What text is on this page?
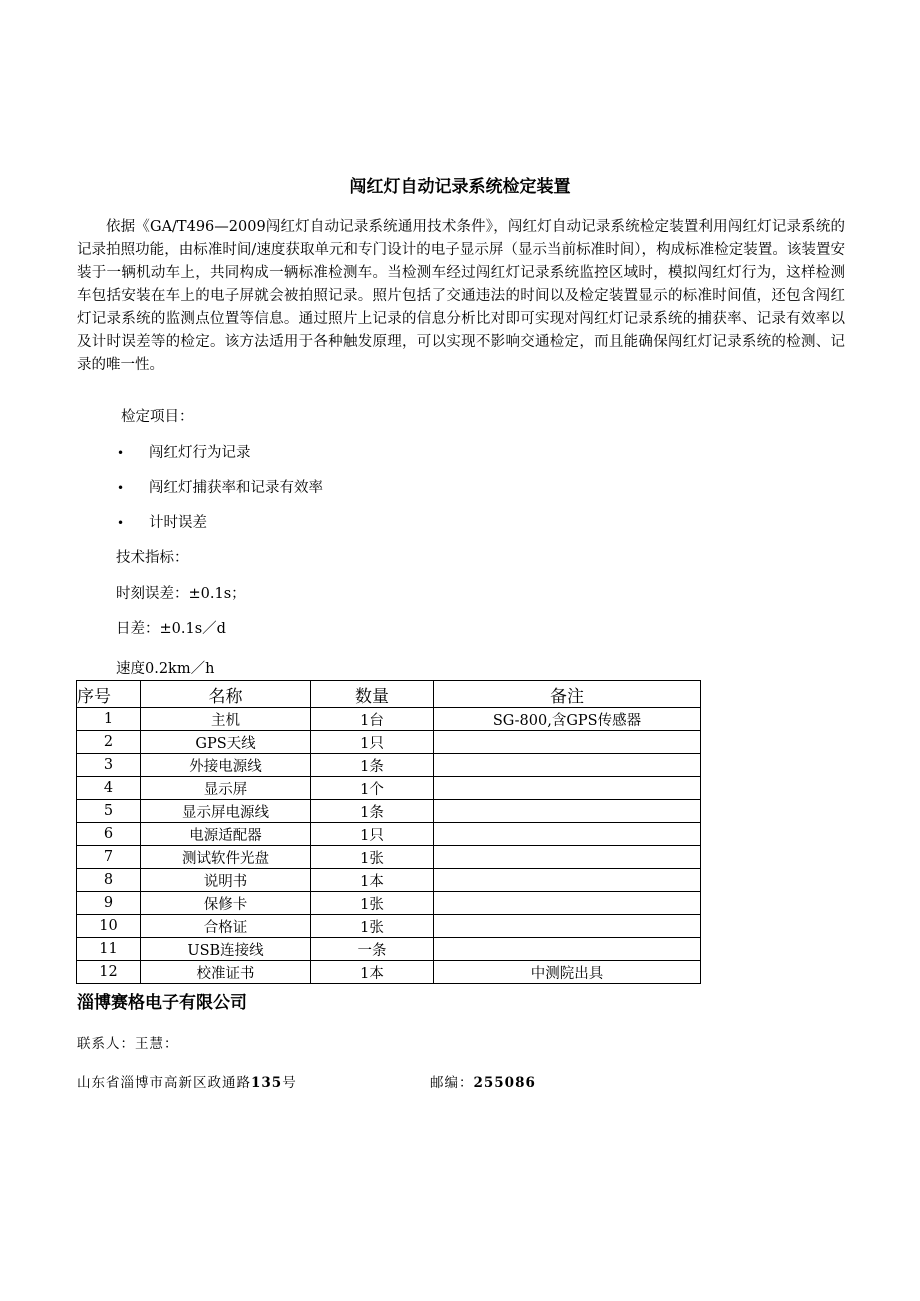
闯红灯自动记录系统检定装置
依据《GA/T496—2009闯红灯自动记录系统通用技术条件》，闯红灯自动记录系统检定装置利用闯红灯记录系统的记录拍照功能，由标准时间/速度获取单元和专门设计的电子显示屏（显示当前标准时间），构成标准检定装置。该装置安装于一辆机动车上，共同构成一辆标准检测车。当检测车经过闯红灯记录系统监控区域时，模拟闯红灯行为，这样检测车包括安装在车上的电子屏就会被拍照记录。照片包括了交通违法的时间以及检定装置显示的标准时间值，还包含闯红灯记录系统的监测点位置等信息。通过照片上记录的信息分析比对即可实现对闯红灯记录系统的捕获率、记录有效率以及计时误差等的检定。该方法适用于各种触发原理，可以实现不影响交通检定，而且能确保闯红灯记录系统的检测、记录的唯一性。
检定项目：
• 闯红灯行为记录
• 闯红灯捕获率和记录有效率
• 计时误差
技术指标：
时刻误差：±0.1s；
日差：±0.1s／d
速度0.2km／h
序号	名称	数量	备注
1	主机	1台	SG-800,含GPS传感器
2	GPS天线	1只	
3	外接电源线	1条	
4	显示屏	1个	
5	显示屏电源线	1条	
6	电源适配器	1只	
7	测试软件光盘	1张	
8	说明书	1本	
9	保修卡	1张	
10	合格证	1张	
11	USB连接线	一条	
12	校准证书	1本	中测院出具
淄博赛格电子有限公司
联系人：王慧：
山东省淄博市高新区政通路135号	邮编：255086
